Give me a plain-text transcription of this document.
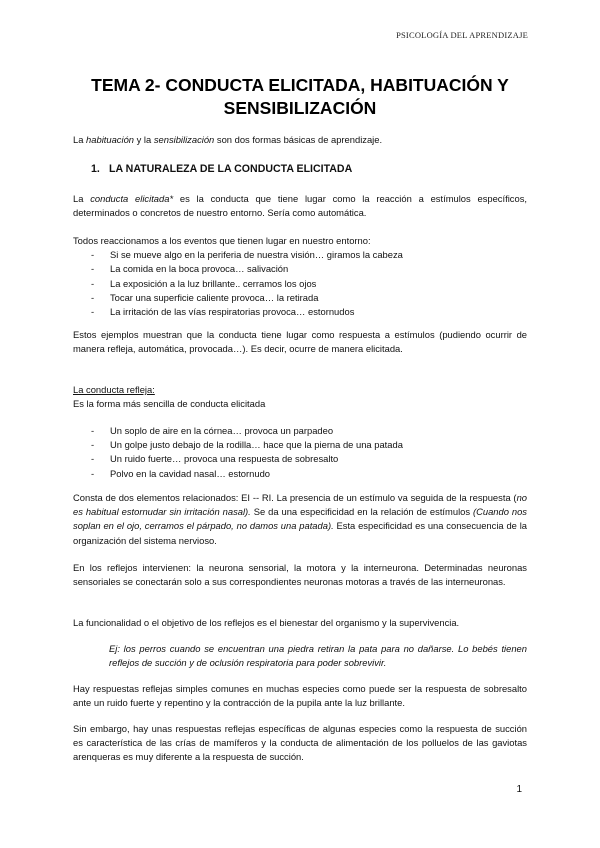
PSICOLOGÍA DEL APRENDIZAJE
TEMA 2- CONDUCTA ELICITADA, HABITUACIÓN Y
SENSIBILIZACIÓN

La habituación y la sensibilización son dos formas básicas de aprendizaje.

1. LA NATURALEZA DE LA CONDUCTA ELICITADA

La conducta elicitada* es la conducta que tiene lugar como la reacción a estímulos específicos, determinados o concretos de nuestro entorno. Sería como automática.

Todos reaccionamos a los eventos que tienen lugar en nuestro entorno:
- Si se mueve algo en la periferia de nuestra visión… giramos la cabeza
- La comida en la boca provoca… salivación
- La exposición a la luz brillante.. cerramos los ojos
- Tocar una superficie caliente provoca… la retirada
- La irritación de las vías respiratorias provoca… estornudos

Estos ejemplos muestran que la conducta tiene lugar como respuesta a estímulos (pudiendo ocurrir de manera refleja, automática, provocada…). Es decir, ocurre de manera elicitada.

La conducta refleja:
Es la forma más sencilla de conducta elicitada
- Un soplo de aire en la córnea… provoca un parpadeo
- Un golpe justo debajo de la rodilla… hace que la pierna de una patada
- Un ruido fuerte… provoca una respuesta de sobresalto
- Polvo en la cavidad nasal… estornudo

Consta de dos elementos relacionados: EI -- RI. La presencia de un estímulo va seguida de la respuesta (no es habitual estornudar sin irritación nasal). Se da una especificidad en la relación de estímulos (Cuando nos soplan en el ojo, cerramos el párpado, no damos una patada). Esta especificidad es una consecuencia de la organización del sistema nervioso.

En los reflejos intervienen: la neurona sensorial, la motora y la interneurona. Determinadas neuronas sensoriales se conectarán solo a sus correspondientes neuronas motoras a través de las interneuronas.

La funcionalidad o el objetivo de los reflejos es el bienestar del organismo y la supervivencia.

Ej: los perros cuando se encuentran una piedra retiran la pata para no dañarse. Lo bebés tienen reflejos de succión y de oclusión respiratoria para poder sobrevivir.

Hay respuestas reflejas simples comunes en muchas especies como puede ser la respuesta de sobresalto ante un ruido fuerte y repentino y la contracción de la pupila ante la luz brillante.

Sin embargo, hay unas respuestas reflejas específicas de algunas especies como la respuesta de succión es característica de las crías de mamíferos y la conducta de alimentación de los polluelos de las gaviotas arenqueras es muy diferente a la respuesta de succión.

1
